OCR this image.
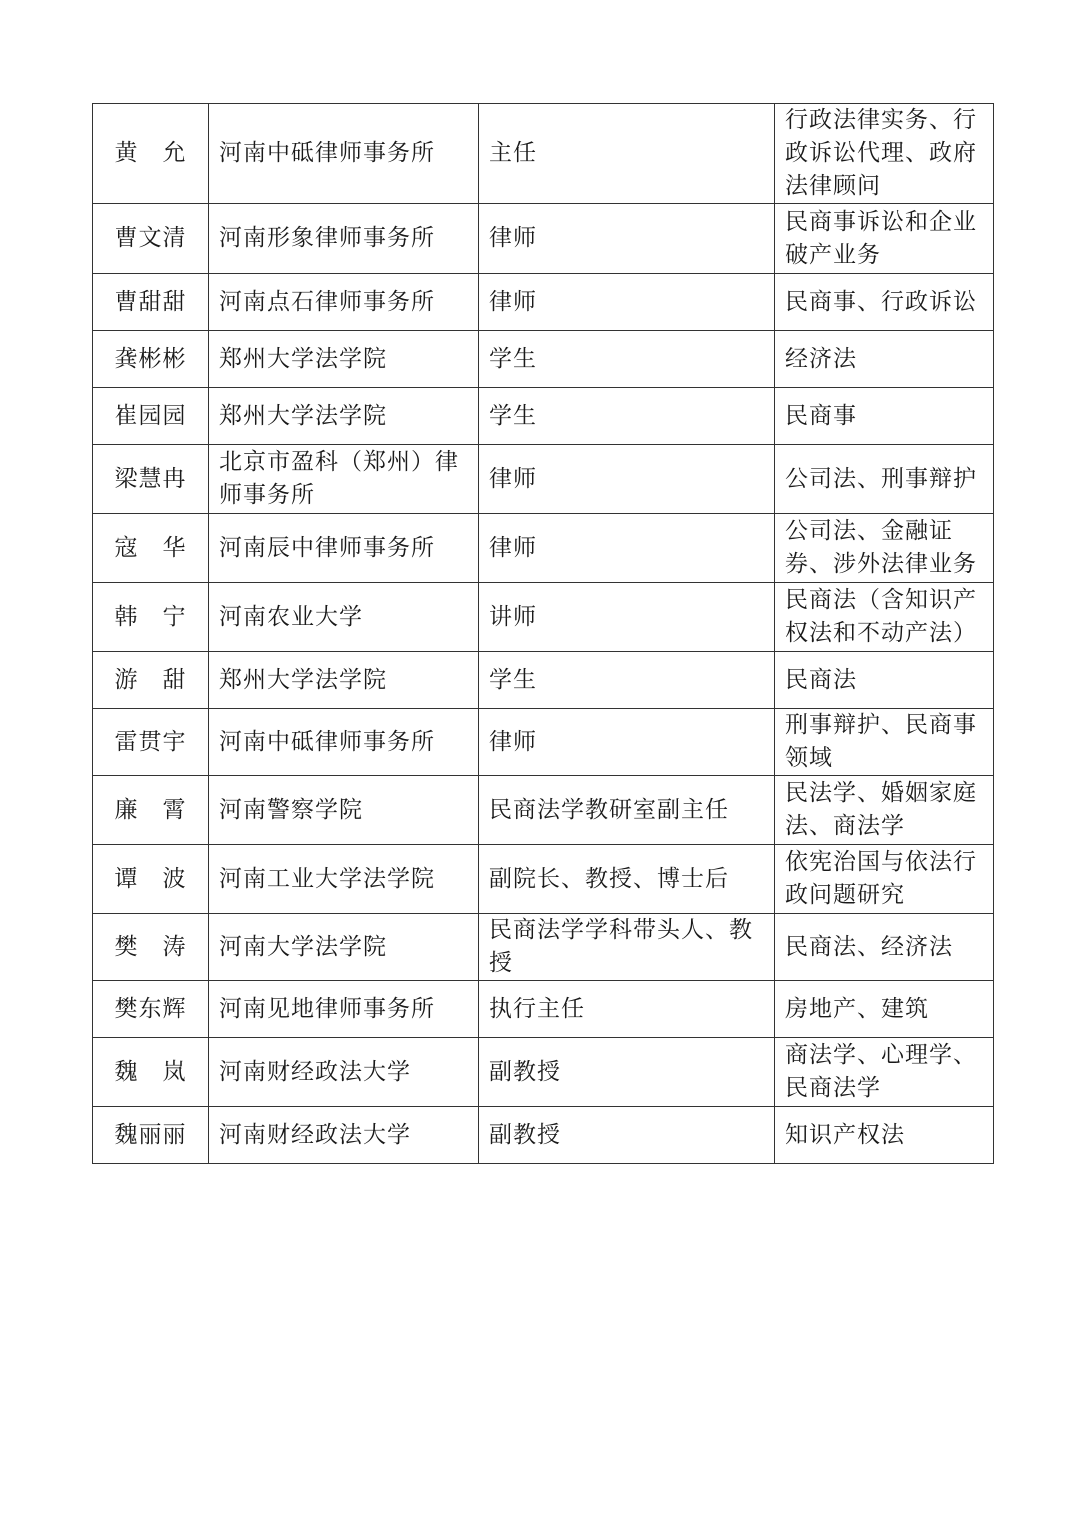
黄　允	河南中砥律师事务所	主任	行政法律实务、行政诉讼代理、政府法律顾问
曹文清	河南形象律师事务所	律师	民商事诉讼和企业破产业务
曹甜甜	河南点石律师事务所	律师	民商事、行政诉讼
龚彬彬	郑州大学法学院	学生	经济法
崔园园	郑州大学法学院	学生	民商事
梁慧冉	北京市盈科（郑州）律师事务所	律师	公司法、刑事辩护
寇　华	河南辰中律师事务所	律师	公司法、金融证券、涉外法律业务
韩　宁	河南农业大学	讲师	民商法（含知识产权法和不动产法）
游　甜	郑州大学法学院	学生	民商法
雷贯宇	河南中砥律师事务所	律师	刑事辩护、民商事领域
廉　霄	河南警察学院	民商法学教研室副主任	民法学、婚姻家庭法、商法学
谭　波	河南工业大学法学院	副院长、教授、博士后	依宪治国与依法行政问题研究
樊　涛	河南大学法学院	民商法学学科带头人、教授	民商法、经济法
樊东辉	河南见地律师事务所	执行主任	房地产、建筑
魏　岚	河南财经政法大学	副教授	商法学、心理学、民商法学
魏丽丽	河南财经政法大学	副教授	知识产权法
